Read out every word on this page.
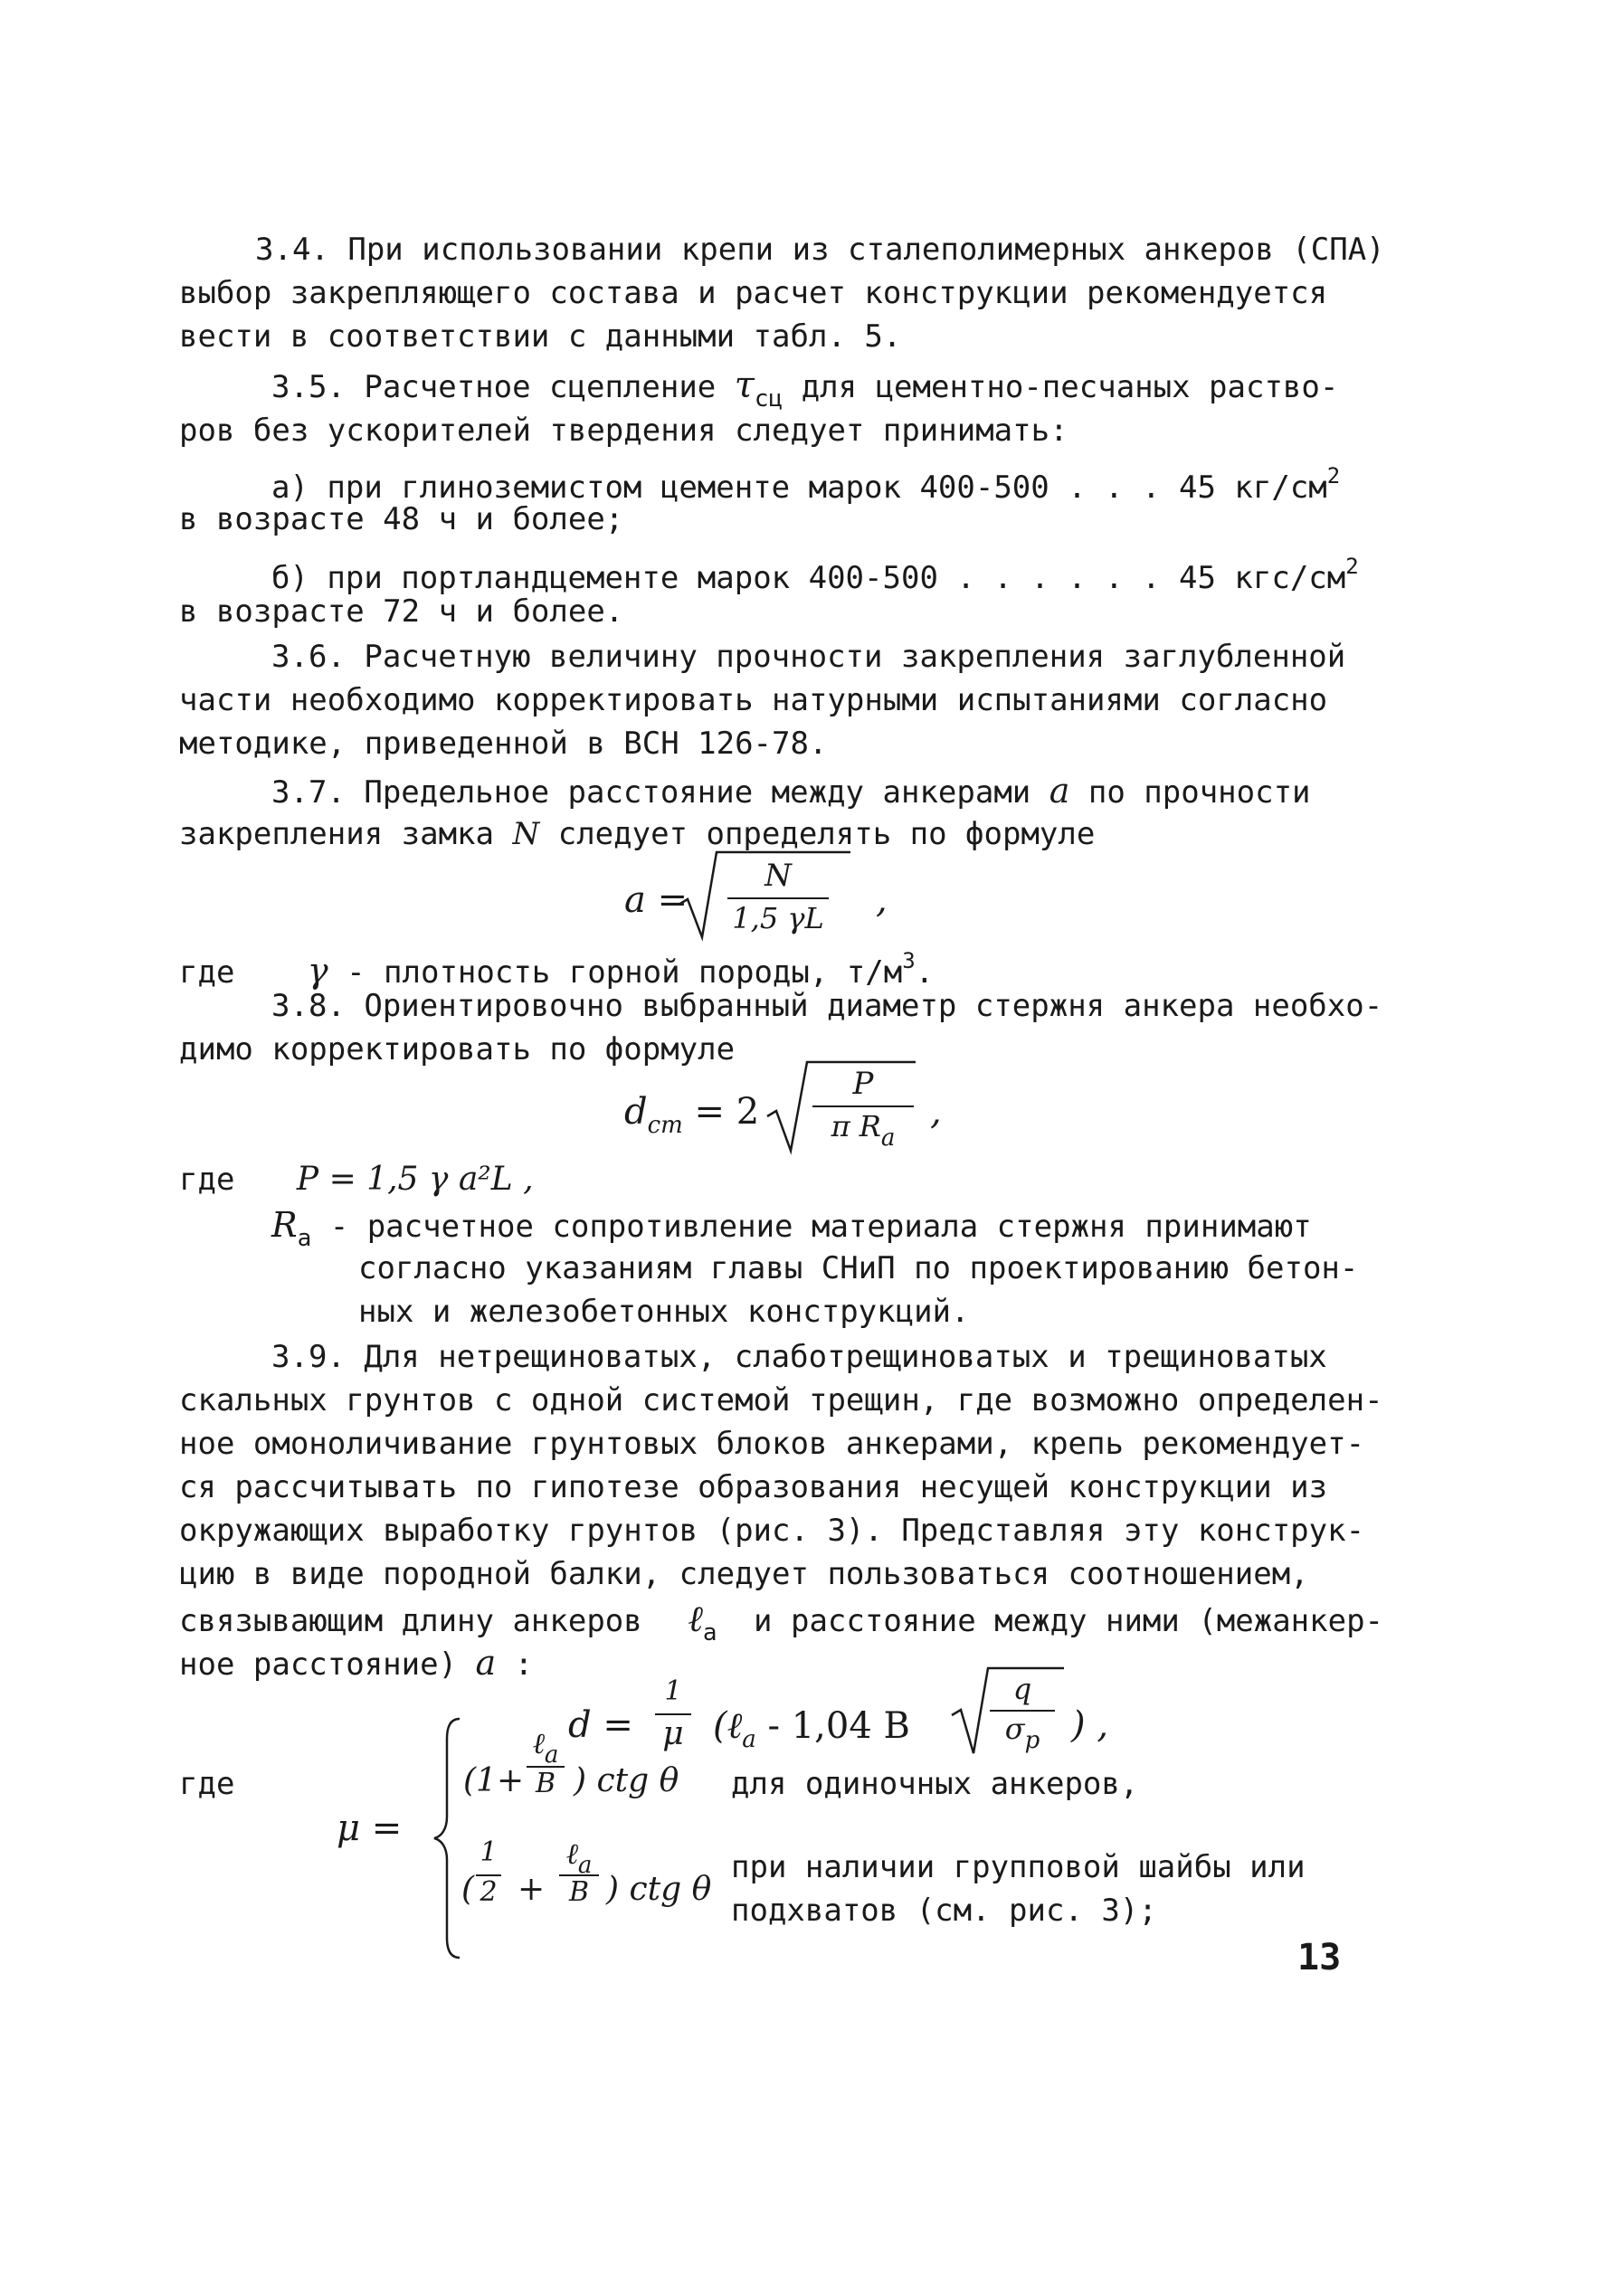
3.4. При использовании крепи из сталеполимерных анкеров (СПА)
выбор закрепляющего состава и расчет конструкции рекомендуется
вести в соответствии с данными табл. 5.
3.5. Расчетное сцепление $\tau_{сц}$ для цементно-песчаных раство-
ров без ускорителей твердения следует принимать:
а) при глиноземистом цементе марок 400-500 . . . 45 $кг/см^2$
в возрасте 48 ч и более;
б) при портландцементе марок 400-500 . . . . . . 45 кгс/$см^2$
в возрасте 72 ч и более.
3.6. Расчетную величину прочности закрепления заглубленной
части необходимо корректировать натурными испытаниями согласно
методике, приведенной в ВСН 126-78.
3.7. Предельное расстояние между анкерами a по прочности
закрепления замка N следует определять по формуле
a =
N
1,5 γL ,
где γ - плотность горной породы, $т/м^3$.
3.8. Ориентировочно выбранный диаметр стержня анкера необхо-
димо корректировать по формуле
$d_{ст} = 2$
P
π $R_a$
,
где P = 1,5 γ a²L ,
$R_a$ - расчетное сопротивление материала стержня принимают
согласно указаниям главы СНиП по проектированию бетон-
ных и железобетонных конструкций.
3.9. Для нетрещиноватых, слаботрещиноватых и трещиноватых
скальных грунтов с одной системой трещин, где возможно определен-
ное омоноличивание грунтовых блоков анкерами, крепь рекомендует-
ся рассчитывать по гипотезе образования несущей конструкции из
окружающих выработку грунтов (рис. 3). Представляя эту конструк-
цию в виде породной балки, следует пользоваться соотношением,
связывающим длину анкеров ℓ$_a$ и расстояние между ними (межанкер-
ное расстояние) a :
d =
1
μ (ℓ$_a$ - 1,04 B
q
$\sigma_p$ ) ,
где
μ =
(1+
ℓ$_a$
B ) ctg θ для одиночных анкеров,
(
1
2 +
ℓ$_a$
B ) ctg θ
при наличии групповой шайбы или
подхватов (см. рис. 3);
13
